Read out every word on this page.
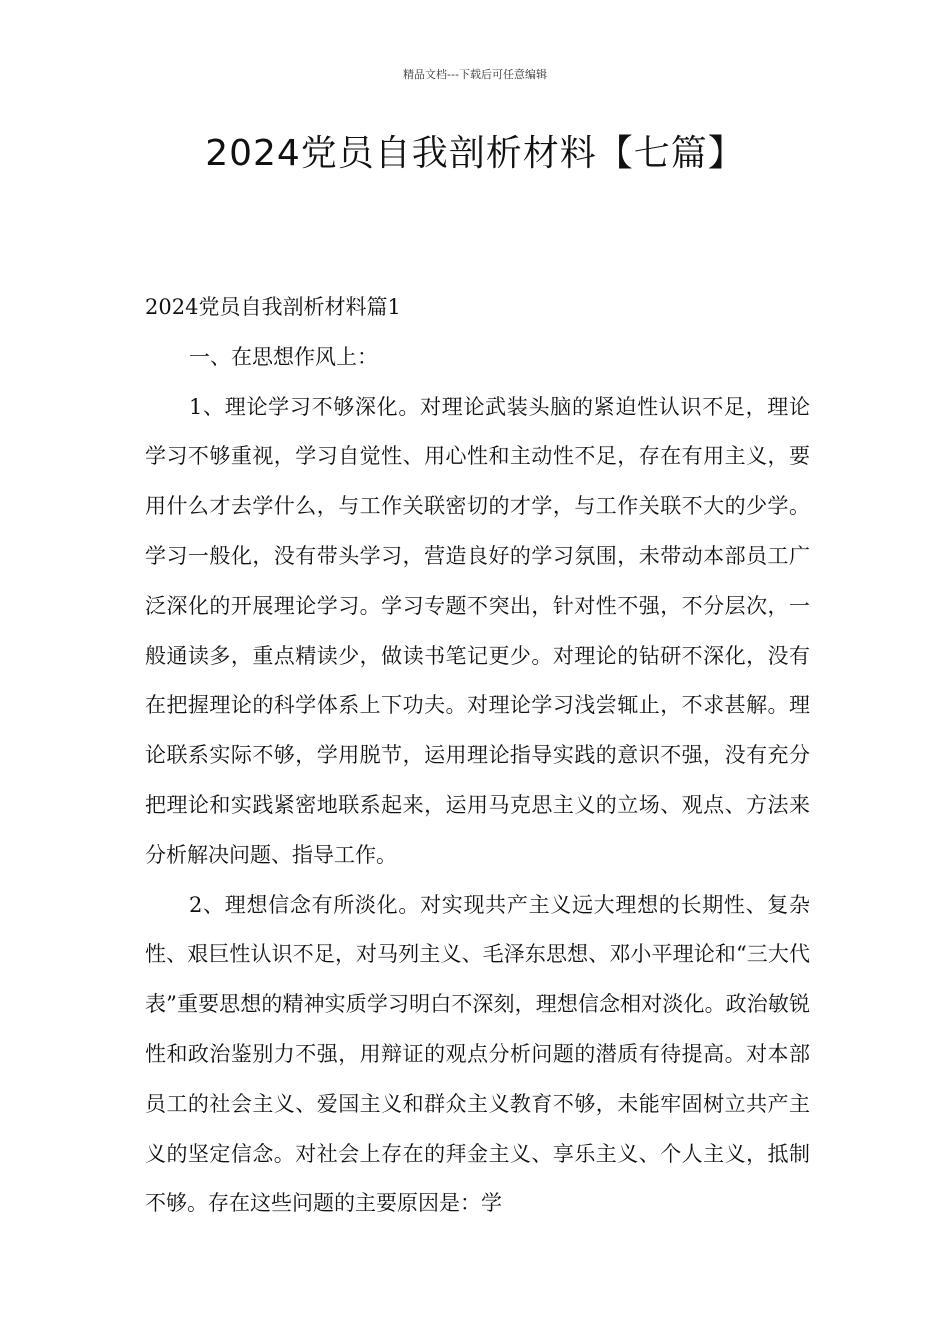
精品文档---下载后可任意编辑
2024党员自我剖析材料【七篇】

2024党员自我剖析材料篇1

一、在思想作风上：

1、理论学习不够深化。对理论武装头脑的紧迫性认识不足，理论学习不够重视，学习自觉性、用心性和主动性不足，存在有用主义，要用什么才去学什么，与工作关联密切的才学，与工作关联不大的少学。学习一般化，没有带头学习，营造良好的学习氛围，未带动本部员工广泛深化的开展理论学习。学习专题不突出，针对性不强，不分层次，一般通读多，重点精读少，做读书笔记更少。对理论的钻研不深化，没有在把握理论的科学体系上下功夫。对理论学习浅尝辄止，不求甚解。理论联系实际不够，学用脱节，运用理论指导实践的意识不强，没有充分把理论和实践紧密地联系起来，运用马克思主义的立场、观点、方法来分析解决问题、指导工作。

2、理想信念有所淡化。对实现共产主义远大理想的长期性、复杂性、艰巨性认识不足，对马列主义、毛泽东思想、邓小平理论和“三大代表”重要思想的精神实质学习明白不深刻，理想信念相对淡化。政治敏锐性和政治鉴别力不强，用辩证的观点分析问题的潜质有待提高。对本部员工的社会主义、爱国主义和群众主义教育不够，未能牢固树立共产主义的坚定信念。对社会上存在的拜金主义、享乐主义、个人主义，抵制不够。存在这些问题的主要原因是：学
